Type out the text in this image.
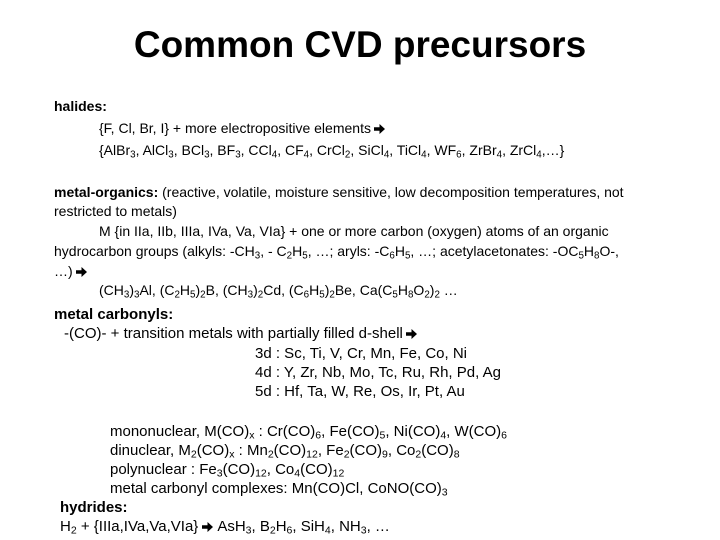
Common CVD precursors
halides:
{F, Cl, Br, I} + more electropositive elements
{AlBr$_3$, AlCl$_3$, BCl$_3$, $BF_3$, CCl$_4$, $CF_4$, CrCl$_2$, SiCl$_4$, TiCl$_4$, $WF_6$, ZrBr$_4$, ZrCl$_4$,…}
metal-organics: (reactive, volatile, moisture sensitive, low decomposition temperatures, not
restricted to metals)
M {in IIa, IIb, IIIa, IVa, Va, VIa} + one or more carbon (oxygen) atoms of an organic
hydrocarbon groups (alkyls: $-CH_3$, - $C_2H_5$, …; aryls: $-C_6H_5$, …; acetylacetonates: $-OC_5H_8O-$,
…)
$(CH_3)_3Al$, $(C_2H_5)_2B$, $(CH_3)_2Cd$, $(C_6H_5)_2Be$, $Ca(C_5H_8O_2)_2$ …
metal carbonyls:
-(CO)- + transition metals with partially filled d-shell
3d : Sc, Ti, V, Cr, Mn, Fe, Co, Ni
4d : Y, Zr, Nb, Mo, Tc, Ru, Rh, Pd, Ag
5d : Hf, Ta, W, Re, Os, Ir, Pt, Au
mononuclear, $M(CO)_x$ : $Cr(CO)_6$, $Fe(CO)_5$, $Ni(CO)_4$, $W(CO)_6$
dinuclear, $M_2(CO)_x$ : $Mn_2(CO)_{12}$, $Fe_2(CO)_9$, $Co_2(CO)_8$
polynuclear : $Fe_3(CO)_{12}$, $Co_4(CO)_{12}$
metal carbonyl complexes: Mn(CO)Cl, $CoNO(CO)_3$
hydrides:
$H_2$ + {IIIa,IVa,Va,VIa} AsH$_3$, $B_2H_6$, SiH$_4$, $NH_3$, …
